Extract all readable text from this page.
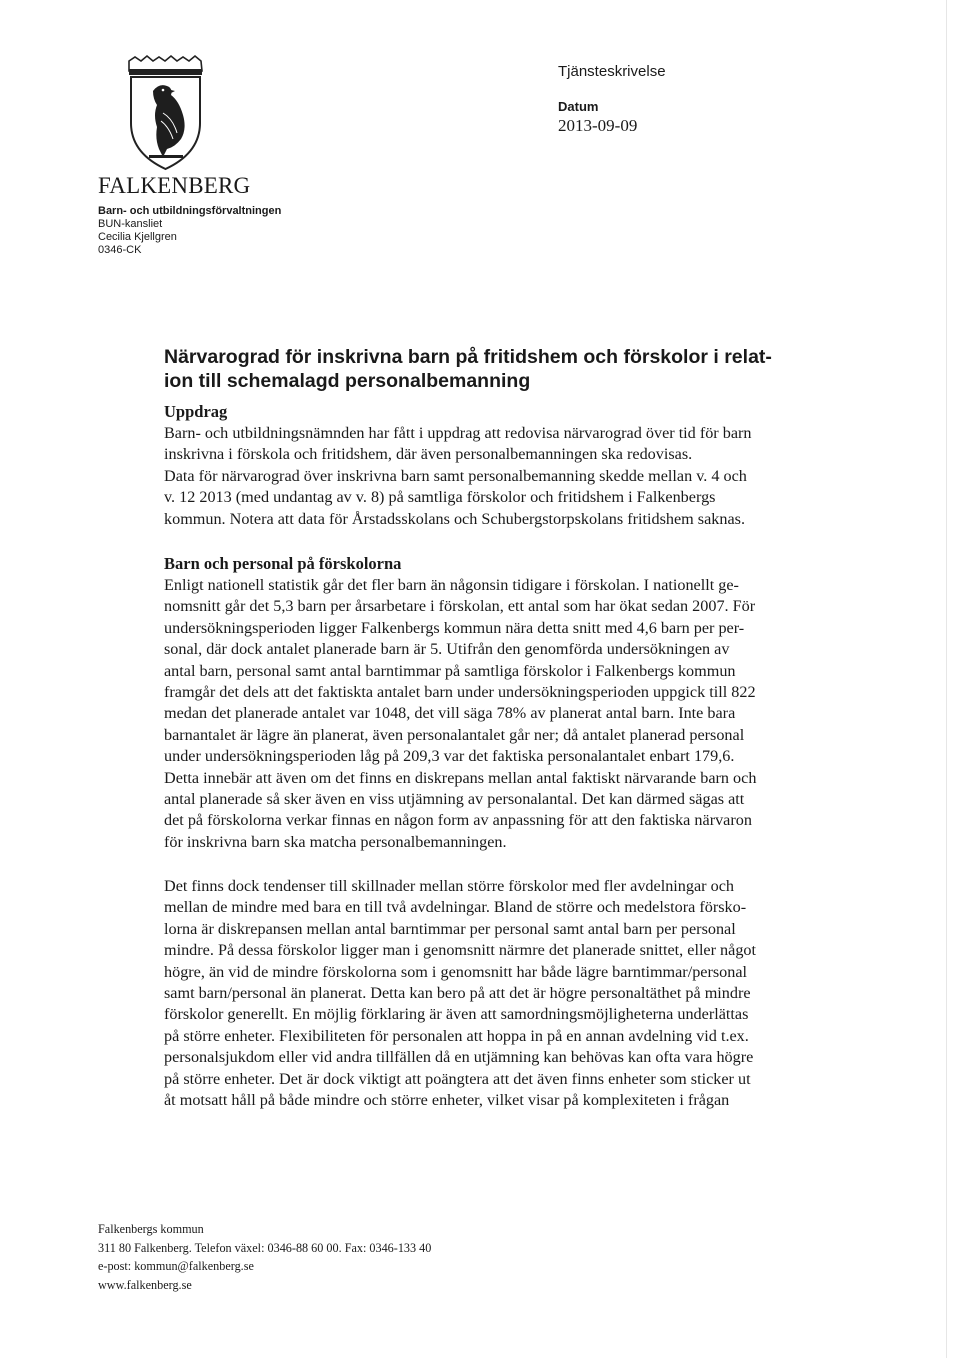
FALKENBERG
Barn- och utbildningsförvaltningen
BUN-kansliet
Cecilia Kjellgren
0346-CK
Tjänsteskrivelse
Datum
2013-09-09
Närvarograd för inskrivna barn på fritidshem och förskolor i relat-
ion till schemalagd personalbemanning
Uppdrag
Barn- och utbildningsnämnden har fått i uppdrag att redovisa närvarograd över tid för barn
inskrivna i förskola och fritidshem, där även personalbemanningen ska redovisas.
Data för närvarograd över inskrivna barn samt personalbemanning skedde mellan v. 4 och
v. 12 2013 (med undantag av v. 8) på samtliga förskolor och fritidshem i Falkenbergs
kommun. Notera att data för Årstadsskolans och Schubergstorpskolans fritidshem saknas.
Barn och personal på förskolorna
Enligt nationell statistik går det fler barn än någonsin tidigare i förskolan. I nationellt ge-
nomsnitt går det 5,3 barn per årsarbetare i förskolan, ett antal som har ökat sedan 2007. För
undersökningsperioden ligger Falkenbergs kommun nära detta snitt med 4,6 barn per per-
sonal, där dock antalet planerade barn är 5. Utifrån den genomförda undersökningen av
antal barn, personal samt antal barntimmar på samtliga förskolor i Falkenbergs kommun
framgår det dels att det faktiskta antalet barn under undersökningsperioden uppgick till 822
medan det planerade antalet var 1048, det vill säga 78% av planerat antal barn. Inte bara
barnantalet är lägre än planerat, även personalantalet går ner; då antalet planerad personal
under undersökningsperioden låg på 209,3 var det faktiska personalantalet enbart 179,6.
Detta innebär att även om det finns en diskrepans mellan antal faktiskt närvarande barn och
antal planerade så sker även en viss utjämning av personalantal. Det kan därmed sägas att
det på förskolorna verkar finnas en någon form av anpassning för att den faktiska närvaron
för inskrivna barn ska matcha personalbemanningen.
Det finns dock tendenser till skillnader mellan större förskolor med fler avdelningar och
mellan de mindre med bara en till två avdelningar. Bland de större och medelstora försko-
lorna är diskrepansen mellan antal barntimmar per personal samt antal barn per personal
mindre. På dessa förskolor ligger man i genomsnitt närmre det planerade snittet, eller något
högre, än vid de mindre förskolorna som i genomsnitt har både lägre barntimmar/personal
samt barn/personal än planerat. Detta kan bero på att det är högre personaltäthet på mindre
förskolor generellt. En möjlig förklaring är även att samordningsmöjligheterna underlättas
på större enheter. Flexibiliteten för personalen att hoppa in på en annan avdelning vid t.ex.
personalsjukdom eller vid andra tillfällen då en utjämning kan behövas kan ofta vara högre
på större enheter. Det är dock viktigt att poängtera att det även finns enheter som sticker ut
åt motsatt håll på både mindre och större enheter, vilket visar på komplexiteten i frågan
Falkenbergs kommun
311 80 Falkenberg. Telefon växel: 0346-88 60 00. Fax: 0346-133 40
e-post: kommun@falkenberg.se
www.falkenberg.se
